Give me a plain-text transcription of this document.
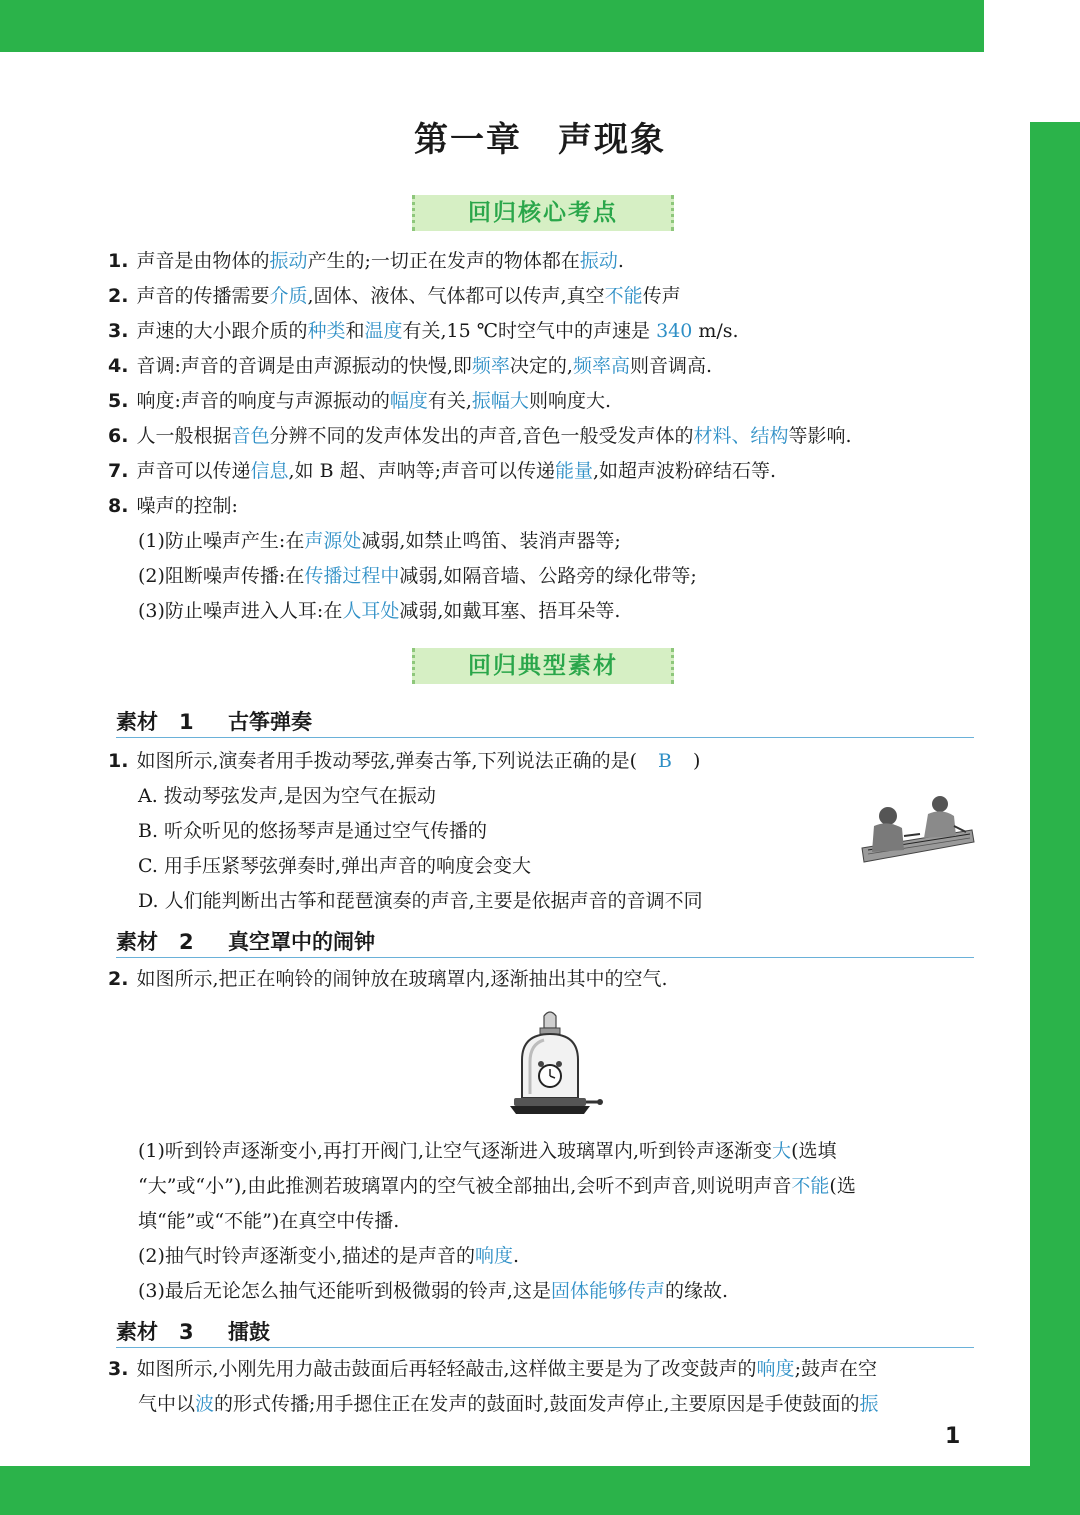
第一章　声现象
回归核心考点
1. 声音是由物体的振动产生的;一切正在发声的物体都在振动.
2. 声音的传播需要介质,固体、液体、气体都可以传声,真空不能传声
3. 声速的大小跟介质的种类和温度有关,15 ℃时空气中的声速是 340 m/s.
4. 音调:声音的音调是由声源振动的快慢,即频率决定的,频率高则音调高.
5. 响度:声音的响度与声源振动的幅度有关,振幅大则响度大.
6. 人一般根据音色分辨不同的发声体发出的声音,音色一般受发声体的材料、结构等影响.
7. 声音可以传递信息,如 B 超、声呐等;声音可以传递能量,如超声波粉碎结石等.
8. 噪声的控制:
(1)防止噪声产生:在声源处减弱,如禁止鸣笛、装消声器等;
(2)阻断噪声传播:在传播过程中减弱,如隔音墙、公路旁的绿化带等;
(3)防止噪声进入人耳:在人耳处减弱,如戴耳塞、捂耳朵等.
回归典型素材
素材　1 古筝弹奏
1. 如图所示,演奏者用手拨动琴弦,弹奏古筝,下列说法正确的是( B )
A. 拨动琴弦发声,是因为空气在振动
B. 听众听见的悠扬琴声是通过空气传播的
C. 用手压紧琴弦弹奏时,弹出声音的响度会变大
D. 人们能判断出古筝和琵琶演奏的声音,主要是依据声音的音调不同
素材　2 真空罩中的闹钟
2. 如图所示,把正在响铃的闹钟放在玻璃罩内,逐渐抽出其中的空气.
(1)听到铃声逐渐变小,再打开阀门,让空气逐渐进入玻璃罩内,听到铃声逐渐变大(选填
“大”或“小”),由此推测若玻璃罩内的空气被全部抽出,会听不到声音,则说明声音不能(选
填“能”或“不能”)在真空中传播.
(2)抽气时铃声逐渐变小,描述的是声音的响度.
(3)最后无论怎么抽气还能听到极微弱的铃声,这是固体能够传声的缘故.
素材　3 擂鼓
3. 如图所示,小刚先用力敲击鼓面后再轻轻敲击,这样做主要是为了改变鼓声的响度;鼓声在空
气中以波的形式传播;用手摁住正在发声的鼓面时,鼓面发声停止,主要原因是手使鼓面的振
1
